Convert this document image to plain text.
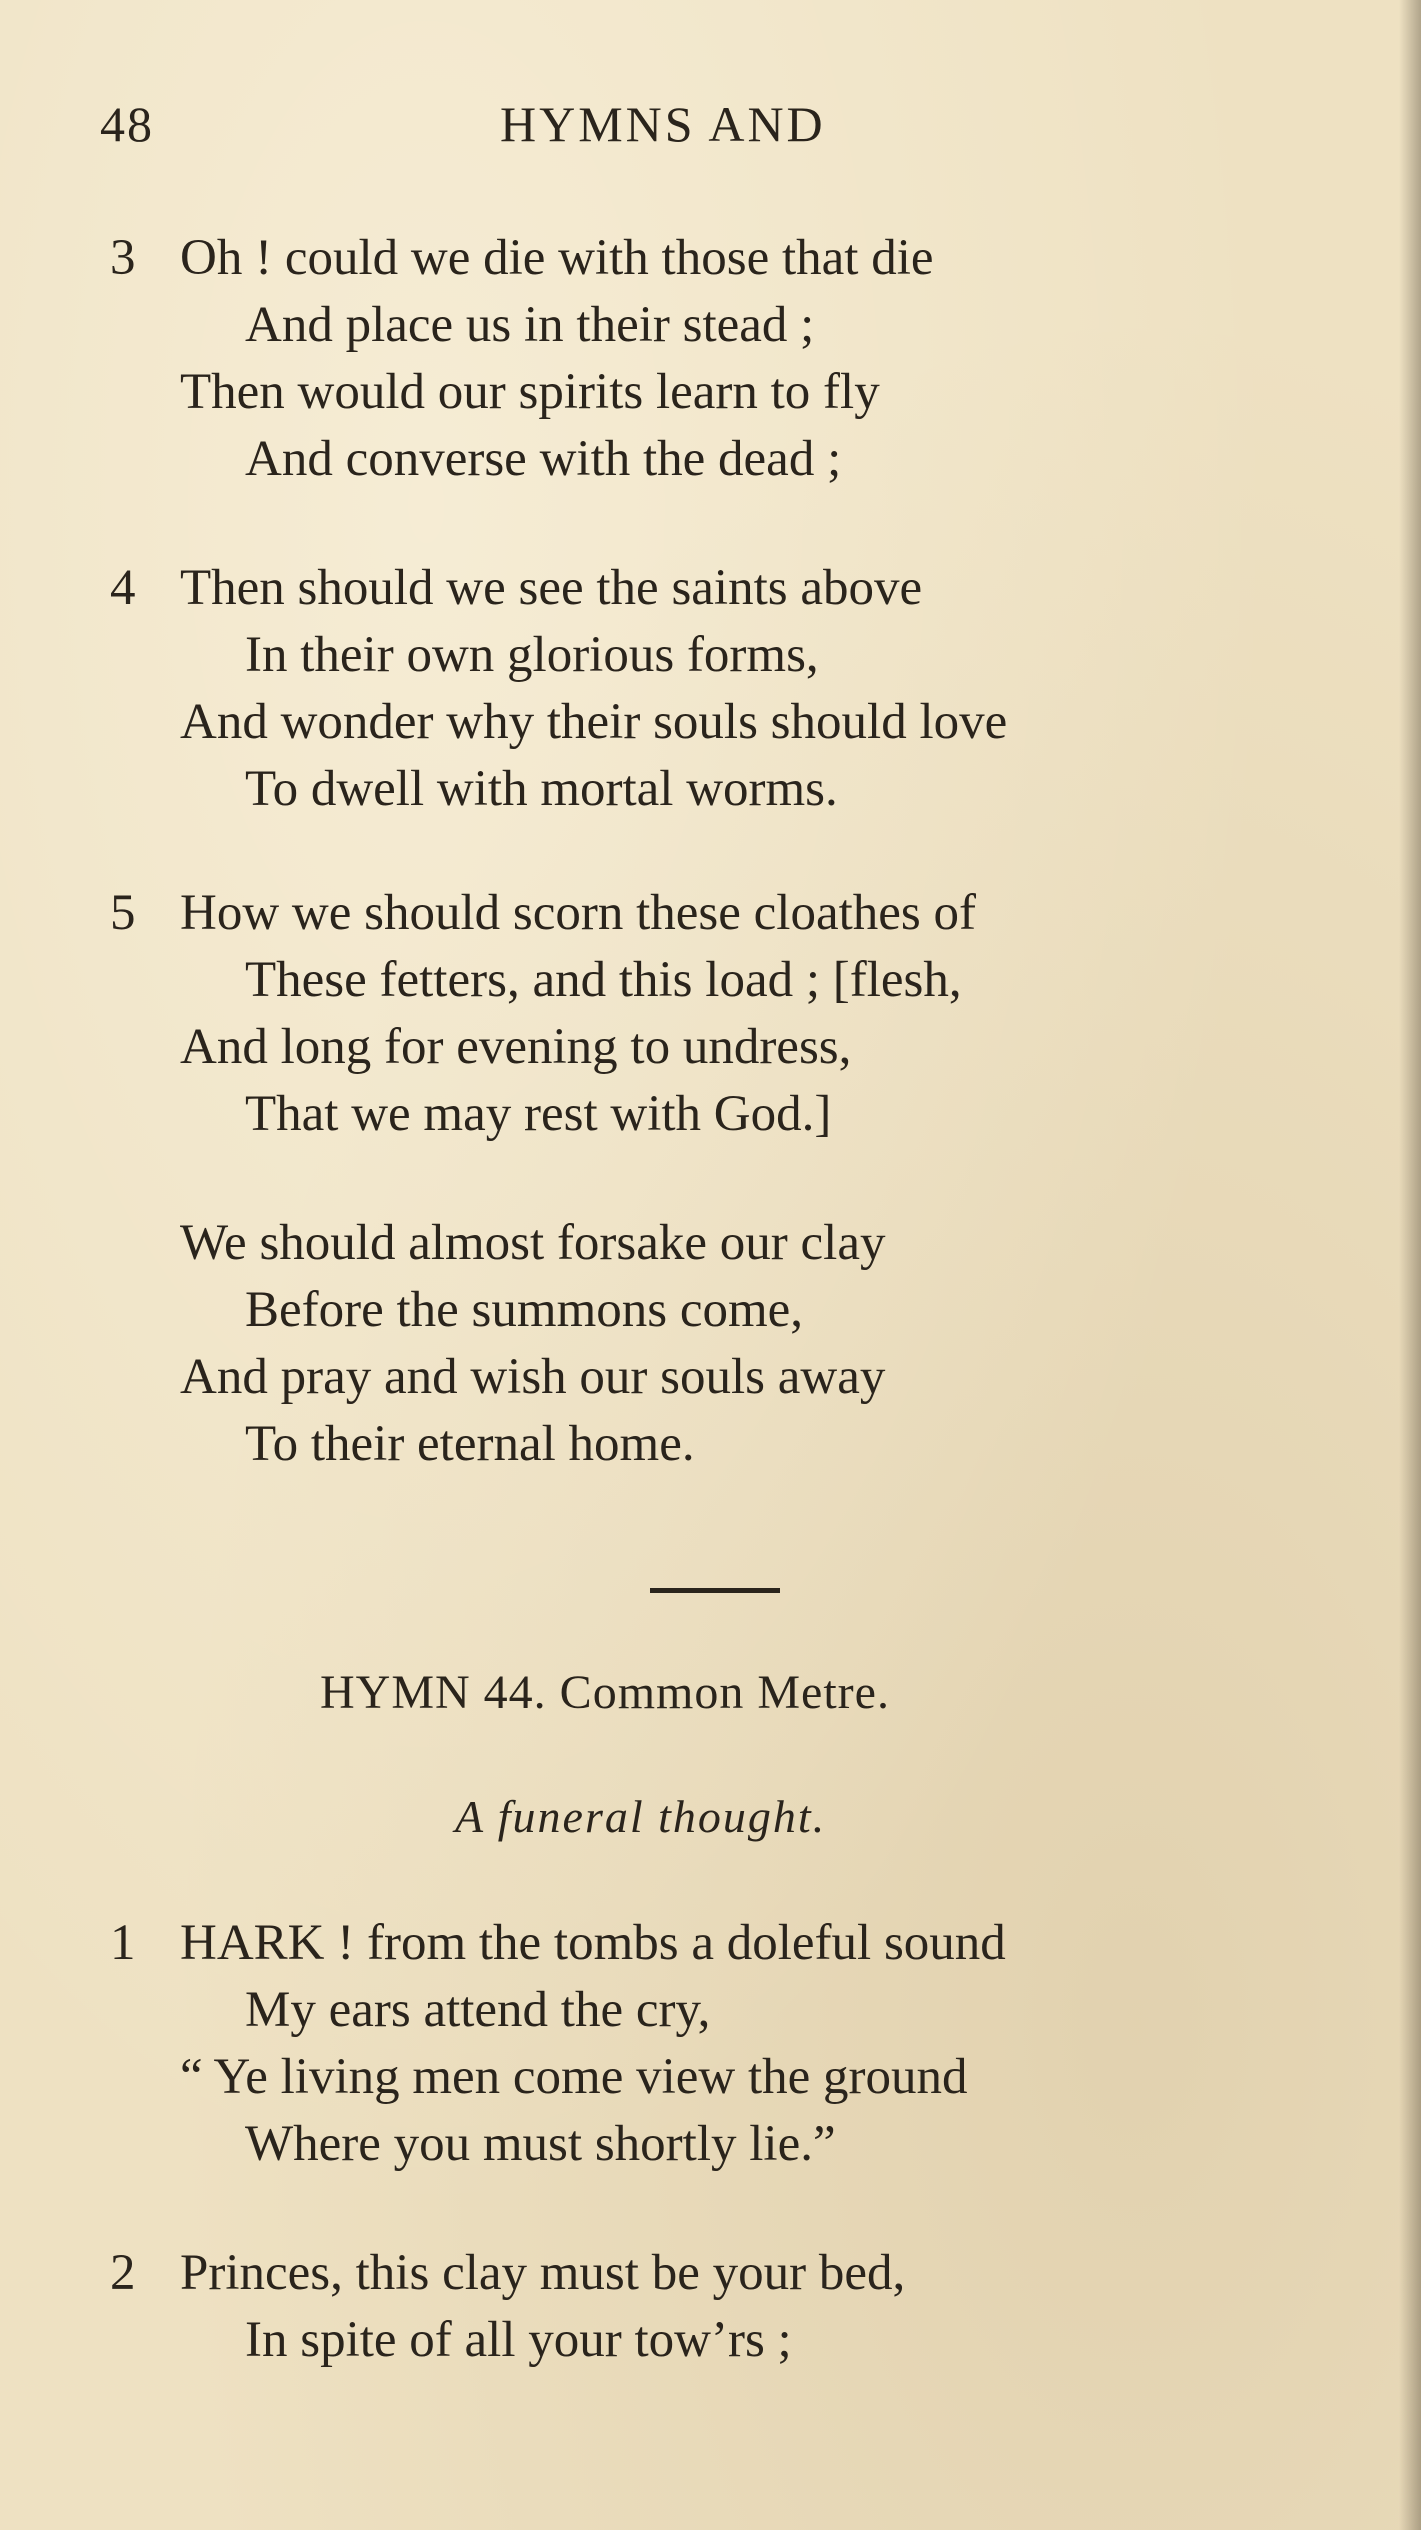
48	HYMNS AND
3 Oh ! could we die with those that die
And place us in their stead ;
Then would our spirits learn to fly
And converse with the dead ;
4 Then should we see the saints above
In their own glorious forms,
And wonder why their souls should love
To dwell with mortal worms.
5 How we should scorn these cloathes of
These fetters, and this load ; [flesh,
And long for evening to undress,
That we may rest with God.]
We should almost forsake our clay
Before the summons come,
And pray and wish our souls away
To their eternal home.
HYMN 44. Common Metre.
A funeral thought.
1 HARK ! from the tombs a doleful sound
My ears attend the cry,
“ Ye living men come view the ground
Where you must shortly lie.”
2 Princes, this clay must be your bed,
In spite of all your tow’rs ;
